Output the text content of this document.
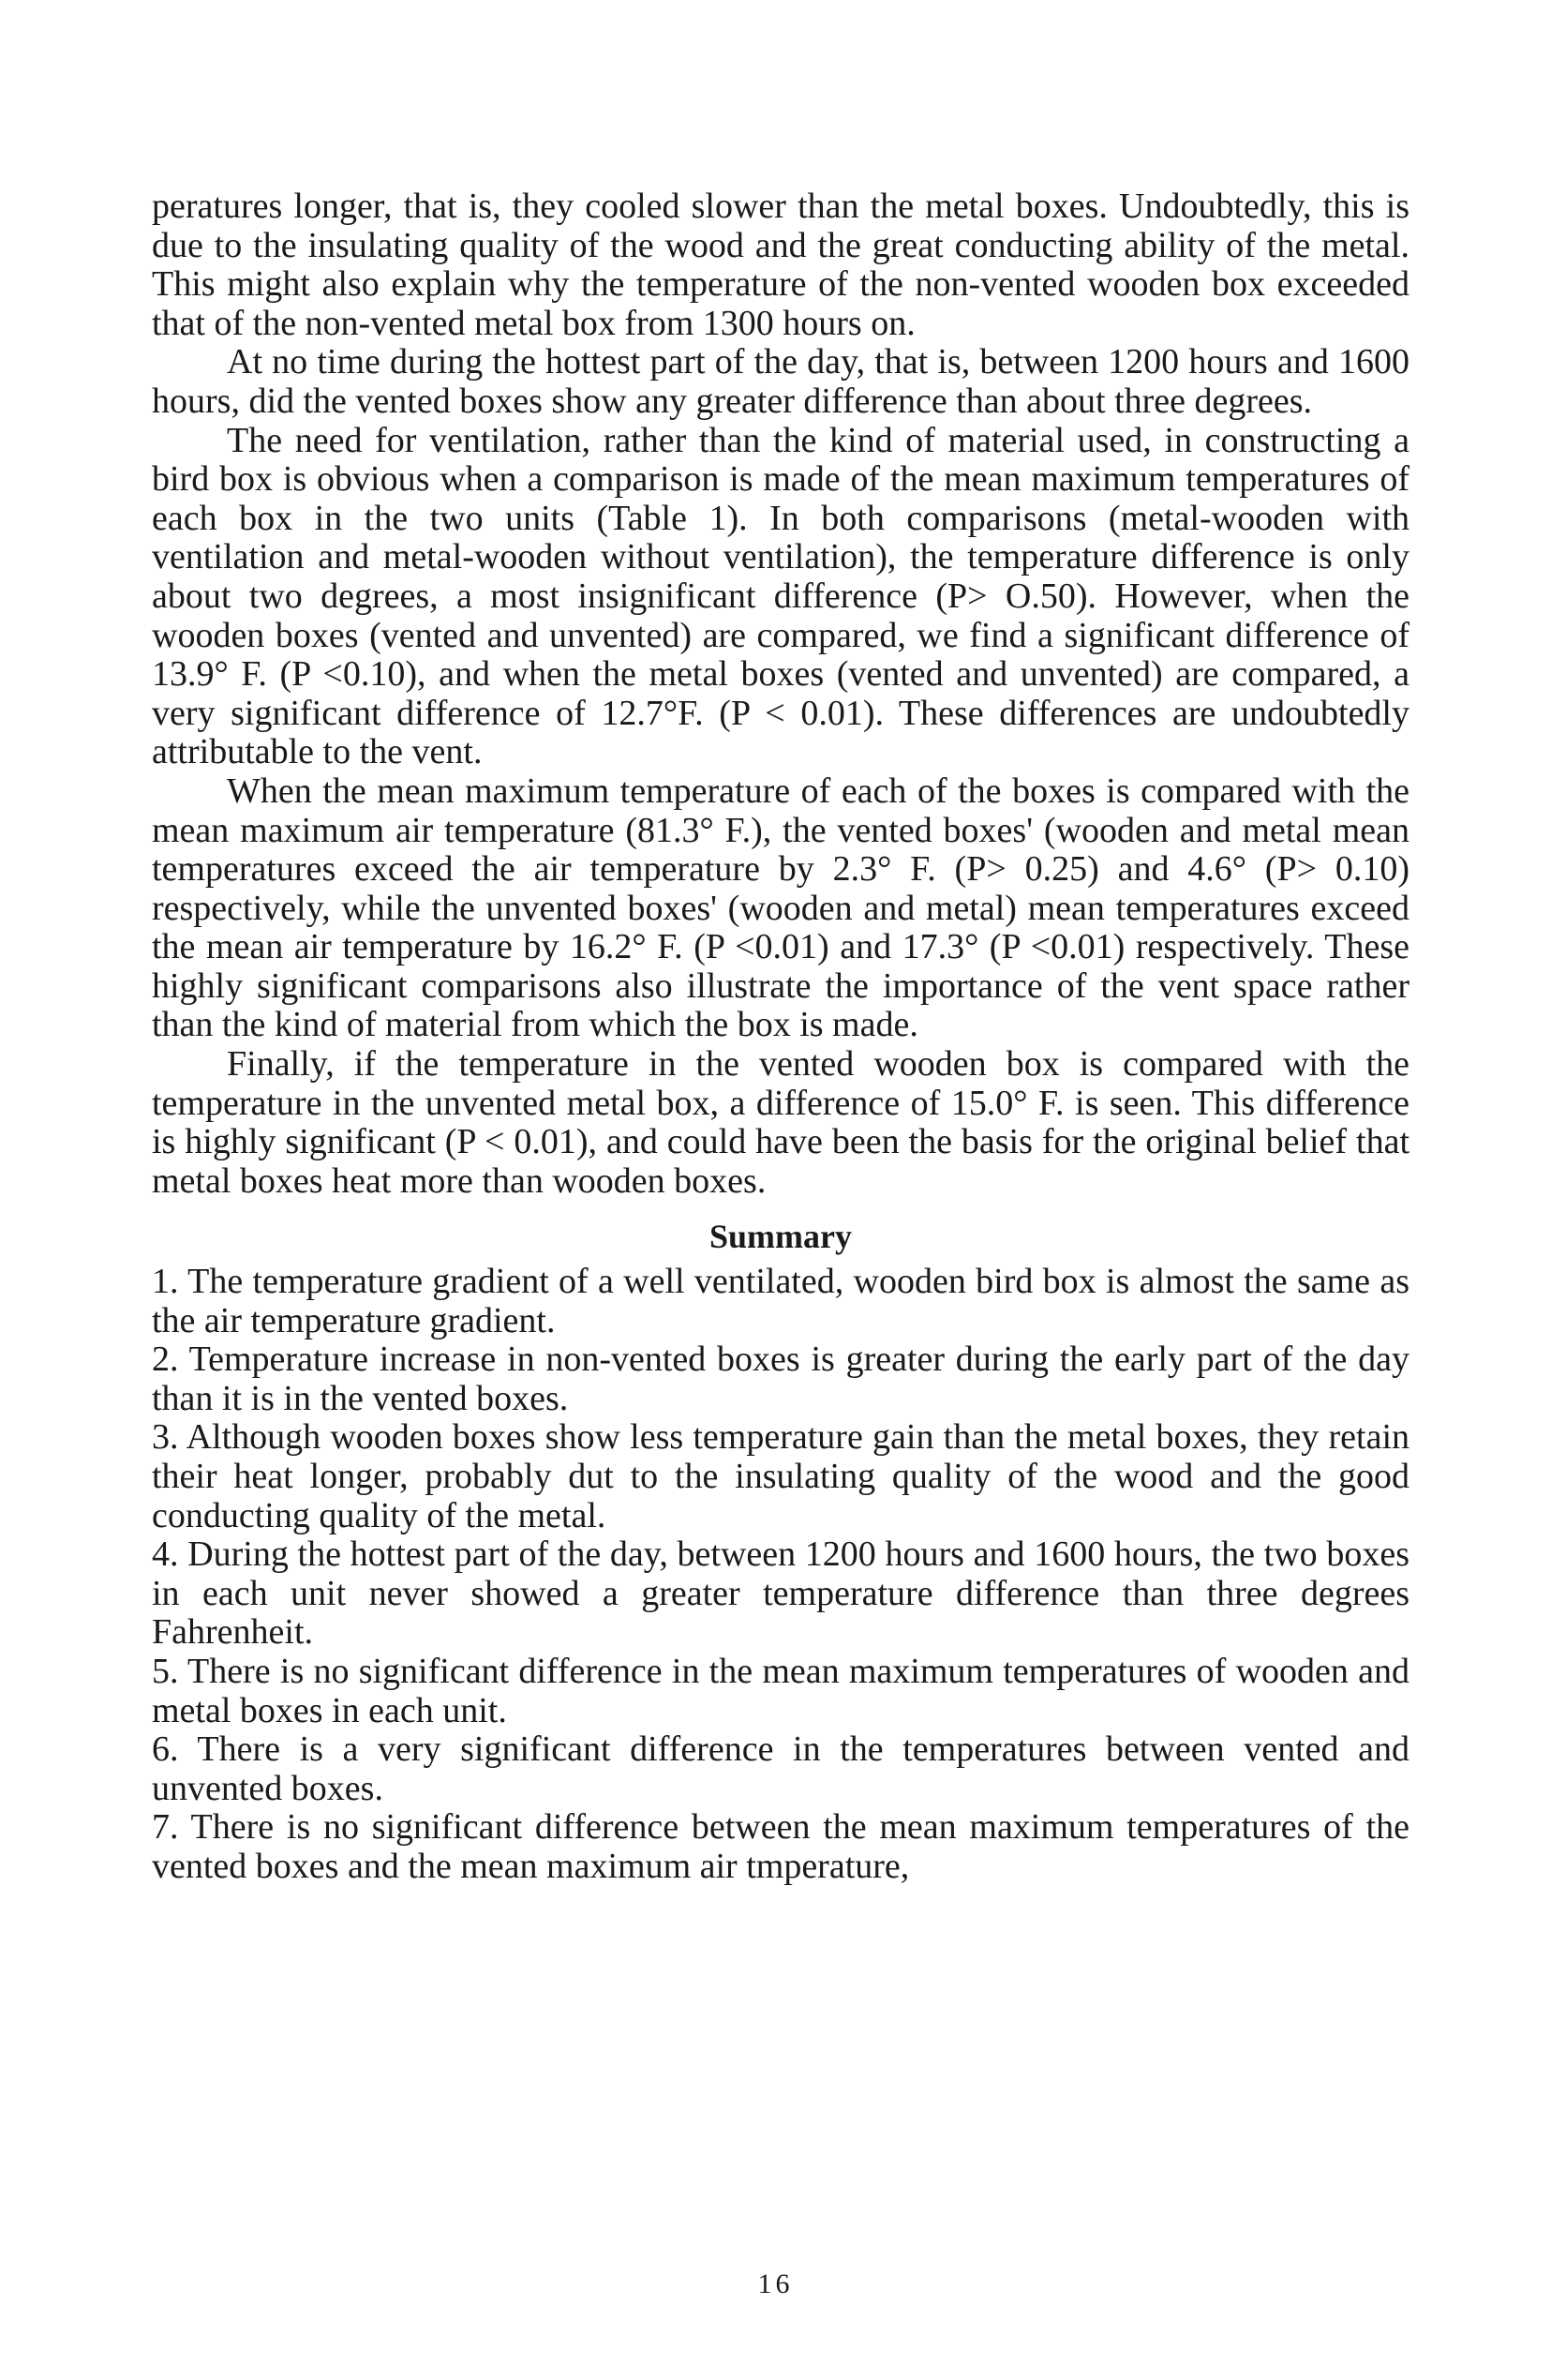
peratures longer, that is, they cooled slower than the metal boxes. Undoubtedly, this is due to the insulating quality of the wood and the great conducting ability of the metal. This might also explain why the temperature of the non-vented wooden box exceeded that of the non-vented metal box from 1300 hours on.

At no time during the hottest part of the day, that is, between 1200 hours and 1600 hours, did the vented boxes show any greater difference than about three degrees.

The need for ventilation, rather than the kind of material used, in constructing a bird box is obvious when a comparison is made of the mean maximum temperatures of each box in the two units (Table 1). In both comparisons (metal-wooden with ventilation and metal-wooden without ventilation), the temperature difference is only about two degrees, a most insignificant difference (P> O.50). However, when the wooden boxes (vented and unvented) are compared, we find a significant difference of 13.9° F. (P <0.10), and when the metal boxes (vented and unvented) are compared, a very significant difference of 12.7°F. (P < 0.01). These differences are undoubtedly attributable to the vent.

When the mean maximum temperature of each of the boxes is compared with the mean maximum air temperature (81.3° F.), the vented boxes' (wooden and metal mean temperatures exceed the air temperature by 2.3° F. (P> 0.25) and 4.6° (P> 0.10) respectively, while the unvented boxes' (wooden and metal) mean temperatures exceed the mean air temperature by 16.2° F. (P <0.01) and 17.3° (P <0.01) respectively. These highly significant comparisons also illustrate the importance of the vent space rather than the kind of material from which the box is made.

Finally, if the temperature in the vented wooden box is compared with the temperature in the unvented metal box, a difference of 15.0° F. is seen. This difference is highly significant (P < 0.01), and could have been the basis for the original belief that metal boxes heat more than wooden boxes.

Summary

1. The temperature gradient of a well ventilated, wooden bird box is almost the same as the air temperature gradient.

2. Temperature increase in non-vented boxes is greater during the early part of the day than it is in the vented boxes.

3. Although wooden boxes show less temperature gain than the metal boxes, they retain their heat longer, probably dut to the insulating quality of the wood and the good conducting quality of the metal.

4. During the hottest part of the day, between 1200 hours and 1600 hours, the two boxes in each unit never showed a greater temperature difference than three degrees Fahrenheit.

5. There is no significant difference in the mean maximum temperatures of wooden and metal boxes in each unit.

6. There is a very significant difference in the temperatures between vented and unvented boxes.

7. There is no significant difference between the mean maximum temperatures of the vented boxes and the mean maximum air tmperature,

16
